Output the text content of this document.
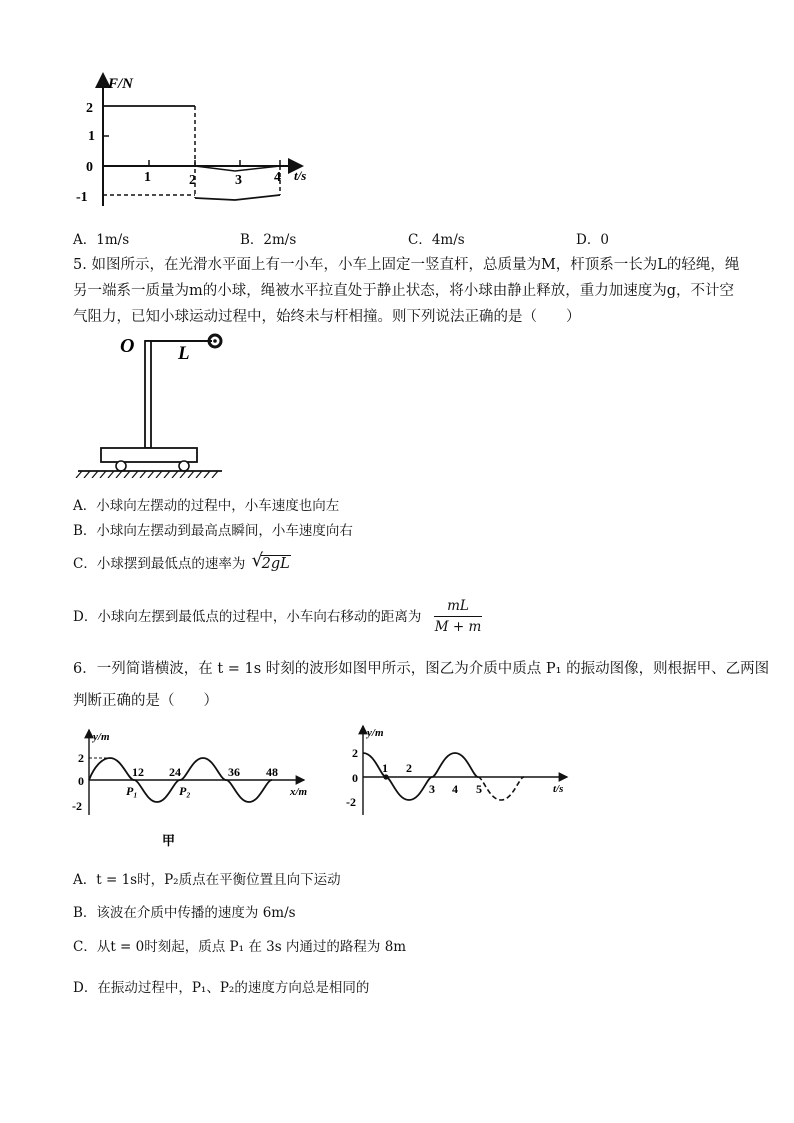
F/N
t/s
2
1
0
-1
1	2	3 4
A．1m/s	B．2m/s	C．4m/s	D．0
5. 如图所示，在光滑水平面上有一小车，小车上固定一竖直杆，总质量为M，杆顶系一长为L的轻绳，绳
另一端系一质量为m的小球，绳被水平拉直处于静止状态，将小球由静止释放，重力加速度为g，不计空
气阻力，已知小球运动过程中，始终未与杆相撞。则下列说法正确的是（　　）
O L
A．小球向左摆动的过程中，小车速度也向左
B．小球向左摆动到最高点瞬间，小车速度向右
C．小球摆到最低点的速率为 √
2gL
D．小球向左摆到最低点的过程中，小车向右移动的距离为 $\frac{mL}{M + m}$
6．一列简谐横波，在 t = 1s 时刻的波形如图甲所示，图乙为介质中质点 P₁ 的振动图像，则根据甲、乙两图
判断正确的是（　　）
y/m
x/m
2
0
-2
12 24	36 48
P₁	P₂
甲
y/m
t/s
2
0
-2
1 2
3 4 5
A．t = 1s时，P₂质点在平衡位置且向下运动
B．该波在介质中传播的速度为 6m/s
C．从t = 0时刻起，质点 P₁ 在 3s 内通过的路程为 8m
D．在振动过程中，P₁、P₂的速度方向总是相同的
